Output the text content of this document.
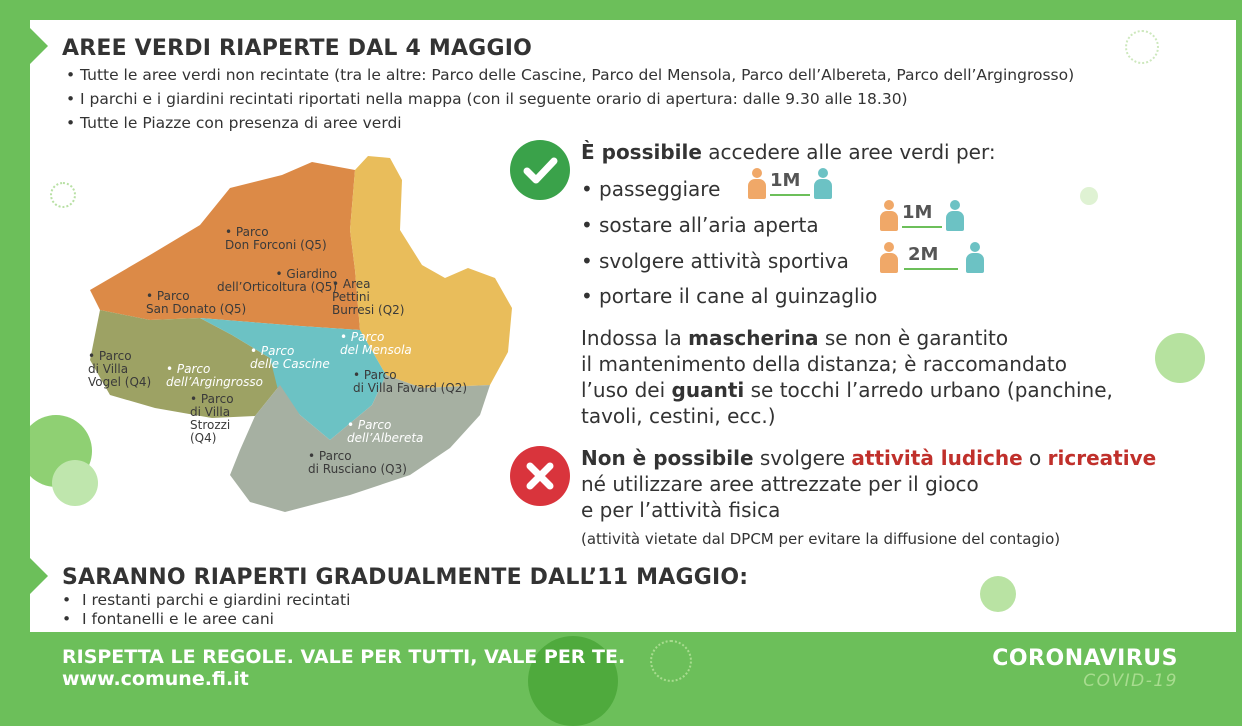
AREE VERDI RIAPERTE DAL 4 MAGGIO
• Tutte le aree verdi non recintate (tra le altre: Parco delle Cascine, Parco del Mensola, Parco dell’Albereta, Parco dell’Argingrosso)
• I parchi e i giardini recintati riportati nella mappa (con il seguente orario di apertura: dalle 9.30 alle 18.30)
• Tutte le Piazze con presenza di aree verdi
• Parco
Don Forconi (Q5)
• Giardino
dell’Orticoltura (Q5)
• Parco
San Donato (Q5)
• Area
Pettini
Burresi (Q2)
• Parco
del Mensola
• Parco
di Villa Favard (Q2)
• Parco
di Villa
Vogel (Q4)
• Parco
dell’Argingrosso
• Parco
delle Cascine
• Parco
di Villa
Strozzi
(Q4)
• Parco
dell’Albereta
• Parco
di Rusciano (Q3)
È possibile accedere alle aree verdi per:
• passeggiare
• sostare all’aria aperta
• svolgere attività sportiva
• portare il cane al guinzaglio
1M
1M
2M
Indossa la mascherina se non è garantito
il mantenimento della distanza; è raccomandato
l’uso dei guanti se tocchi l’arredo urbano (panchine,
tavoli, cestini, ecc.)
Non è possibile svolgere attività ludiche o ricreative
né utilizzare aree attrezzate per il gioco
e per l’attività fisica
(attività vietate dal DPCM per evitare la diffusione del contagio)
SARANNO RIAPERTI GRADUALMENTE DALL’11 MAGGIO:
• I restanti parchi e giardini recintati
• I fontanelli e le aree cani
RISPETTA LE REGOLE. VALE PER TUTTI, VALE PER TE.
www.comune.fi.it
CORONAVIRUS
COVID-19
